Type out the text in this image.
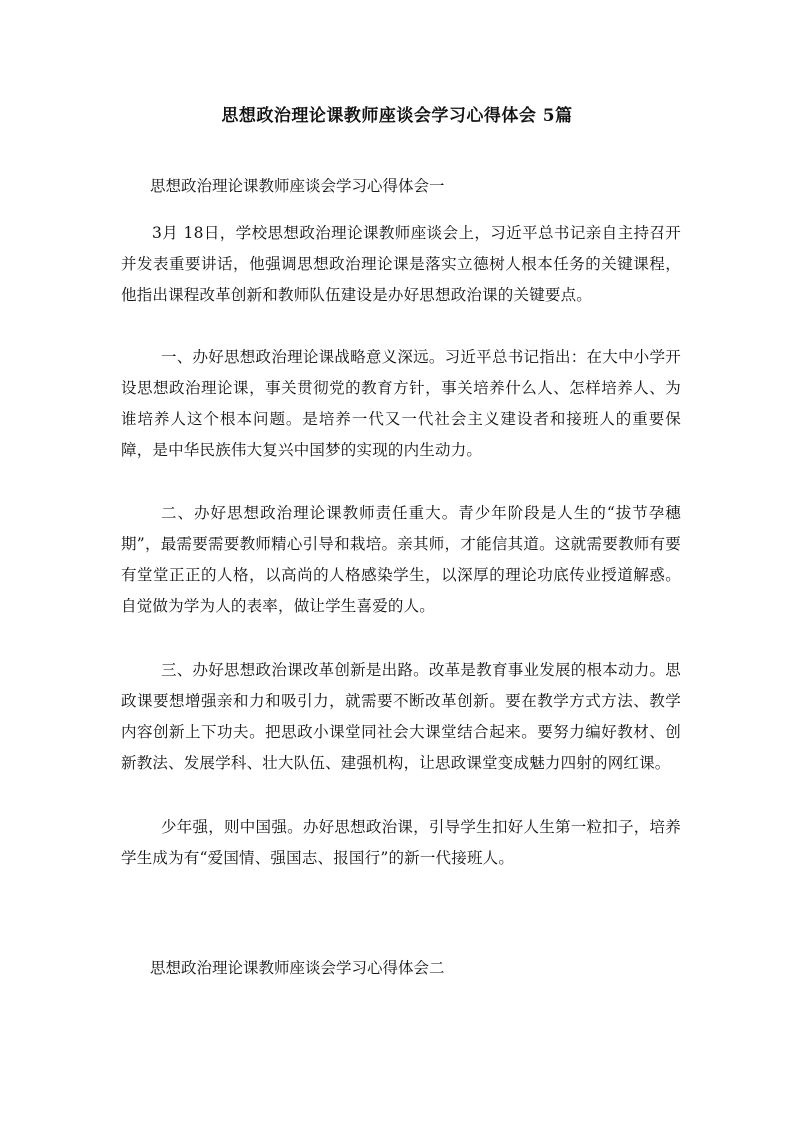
思想政治理论课教师座谈会学习心得体会 5篇
思想政治理论课教师座谈会学习心得体会一

3月 18日，学校思想政治理论课教师座谈会上，习近平总书记亲自主持召开并发表重要讲话，他强调思想政治理论课是落实立德树人根本任务的关键课程，他指出课程改革创新和教师队伍建设是办好思想政治课的关键要点。

一、办好思想政治理论课战略意义深远。习近平总书记指出：在大中小学开设思想政治理论课，事关贯彻党的教育方针，事关培养什么人、怎样培养人、为谁培养人这个根本问题。是培养一代又一代社会主义建设者和接班人的重要保障，是中华民族伟大复兴中国梦的实现的内生动力。

二、办好思想政治理论课教师责任重大。青少年阶段是人生的“拔节孕穗期”，最需要需要教师精心引导和栽培。亲其师，才能信其道。这就需要教师有要有堂堂正正的人格，以高尚的人格感染学生，以深厚的理论功底传业授道解惑。自觉做为学为人的表率，做让学生喜爱的人。

三、办好思想政治课改革创新是出路。改革是教育事业发展的根本动力。思政课要想增强亲和力和吸引力，就需要不断改革创新。要在教学方式方法、教学内容创新上下功夫。把思政小课堂同社会大课堂结合起来。要努力编好教材、创新教法、发展学科、壮大队伍、建强机构，让思政课堂变成魅力四射的网红课。

少年强，则中国强。办好思想政治课，引导学生扣好人生第一粒扣子，培养学生成为有“爱国情、强国志、报国行”的新一代接班人。

思想政治理论课教师座谈会学习心得体会二
